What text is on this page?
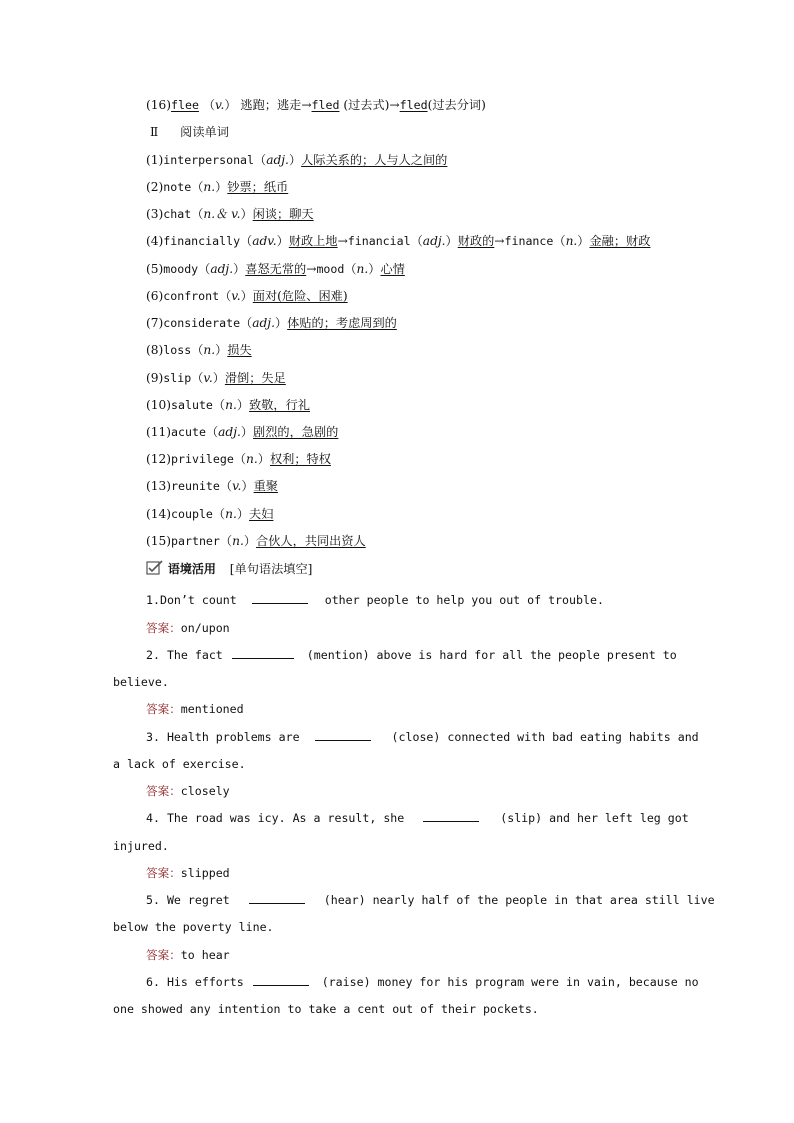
(16)flee （v.） 逃跑；逃走→fled (过去式)→fled(过去分词)
Ⅱ 阅读单词
(1)interpersonal（adj.）人际关系的；人与人之间的
(2)note（n.）钞票；纸币
(3)chat（n.＆ v.）闲谈；聊天
(5)moody（adj.）喜怒无常的→mood（n.）心情
(6)confront（v.）面对(危险、困难)
(7)considerate（adj.）体贴的；考虑周到的
(8)loss（n.）损失
(9)slip（v.）滑倒；失足
(10)salute（n.）致敬，行礼
(11)acute（adj.）剧烈的，急剧的
(12)privilege（n.）权利；特权
(13)reunite（v.）重聚
(14)couple（n.）夫妇
(15)partner（n.）合伙人，共同出资人
(4)financially（adv.）财政上地→financial（adj.）财政的→finance（n.）金融；财政
语境活用 [单句语法填空]
1.Don’t count	other people to help you out of trouble.
答案：on/upon
2. The fact	(mention) above is hard for all the people present to
believe.
答案：mentioned
3. Health problems are	(close) connected with bad eating habits and
a lack of exercise.
答案：closely
4. The road was icy. As a result, she	(slip) and her left leg got
injured.
答案：slipped
5. We regret	(hear) nearly half of the people in that area still live
below the poverty line.
答案：to hear
6. His efforts	(raise) money for his program were in vain, because no
one showed any intention to take a cent out of their pockets.
